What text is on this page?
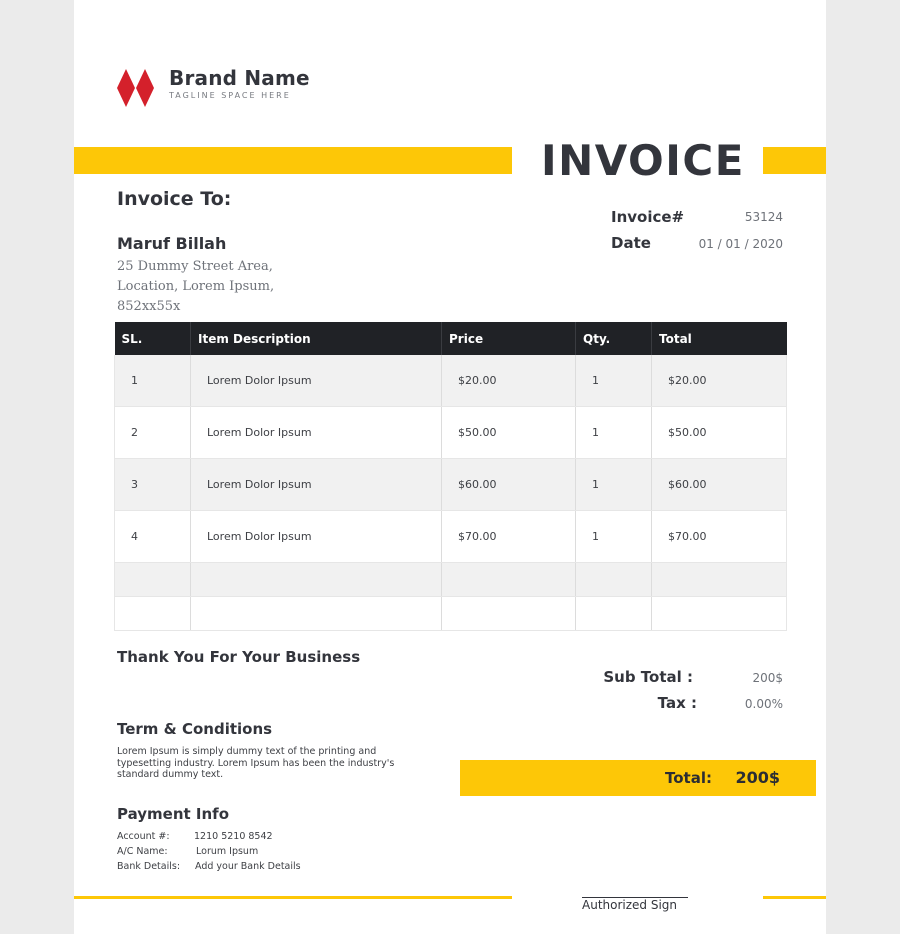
Brand Name
TAGLINE SPACE HERE
INVOICE
Invoice To:
Maruf Billah
25 Dummy Street Area,
Location, Lorem Ipsum,
852xx55x
Invoice#	53124
Date	01 / 01 / 2020
SL.	Item Description	Price	Qty.	Total
1	Lorem Dolor Ipsum	$20.00	1	$20.00
2	Lorem Dolor Ipsum	$50.00	1	$50.00
3	Lorem Dolor Ipsum	$60.00	1	$60.00
4	Lorem Dolor Ipsum	$70.00	1	$70.00

Thank You For Your Business
Term & Conditions
Lorem Ipsum is simply dummy text of the printing and typesetting industry. Lorem Ipsum has been the industry's standard dummy text.
Payment Info
Account #:	1210 5210 8542
A/C Name:	Lorum Ipsum
Bank Details: Add your Bank Details
Sub Total :	200$
Tax :	0.00%
Total: 200$
Authorized Sign
